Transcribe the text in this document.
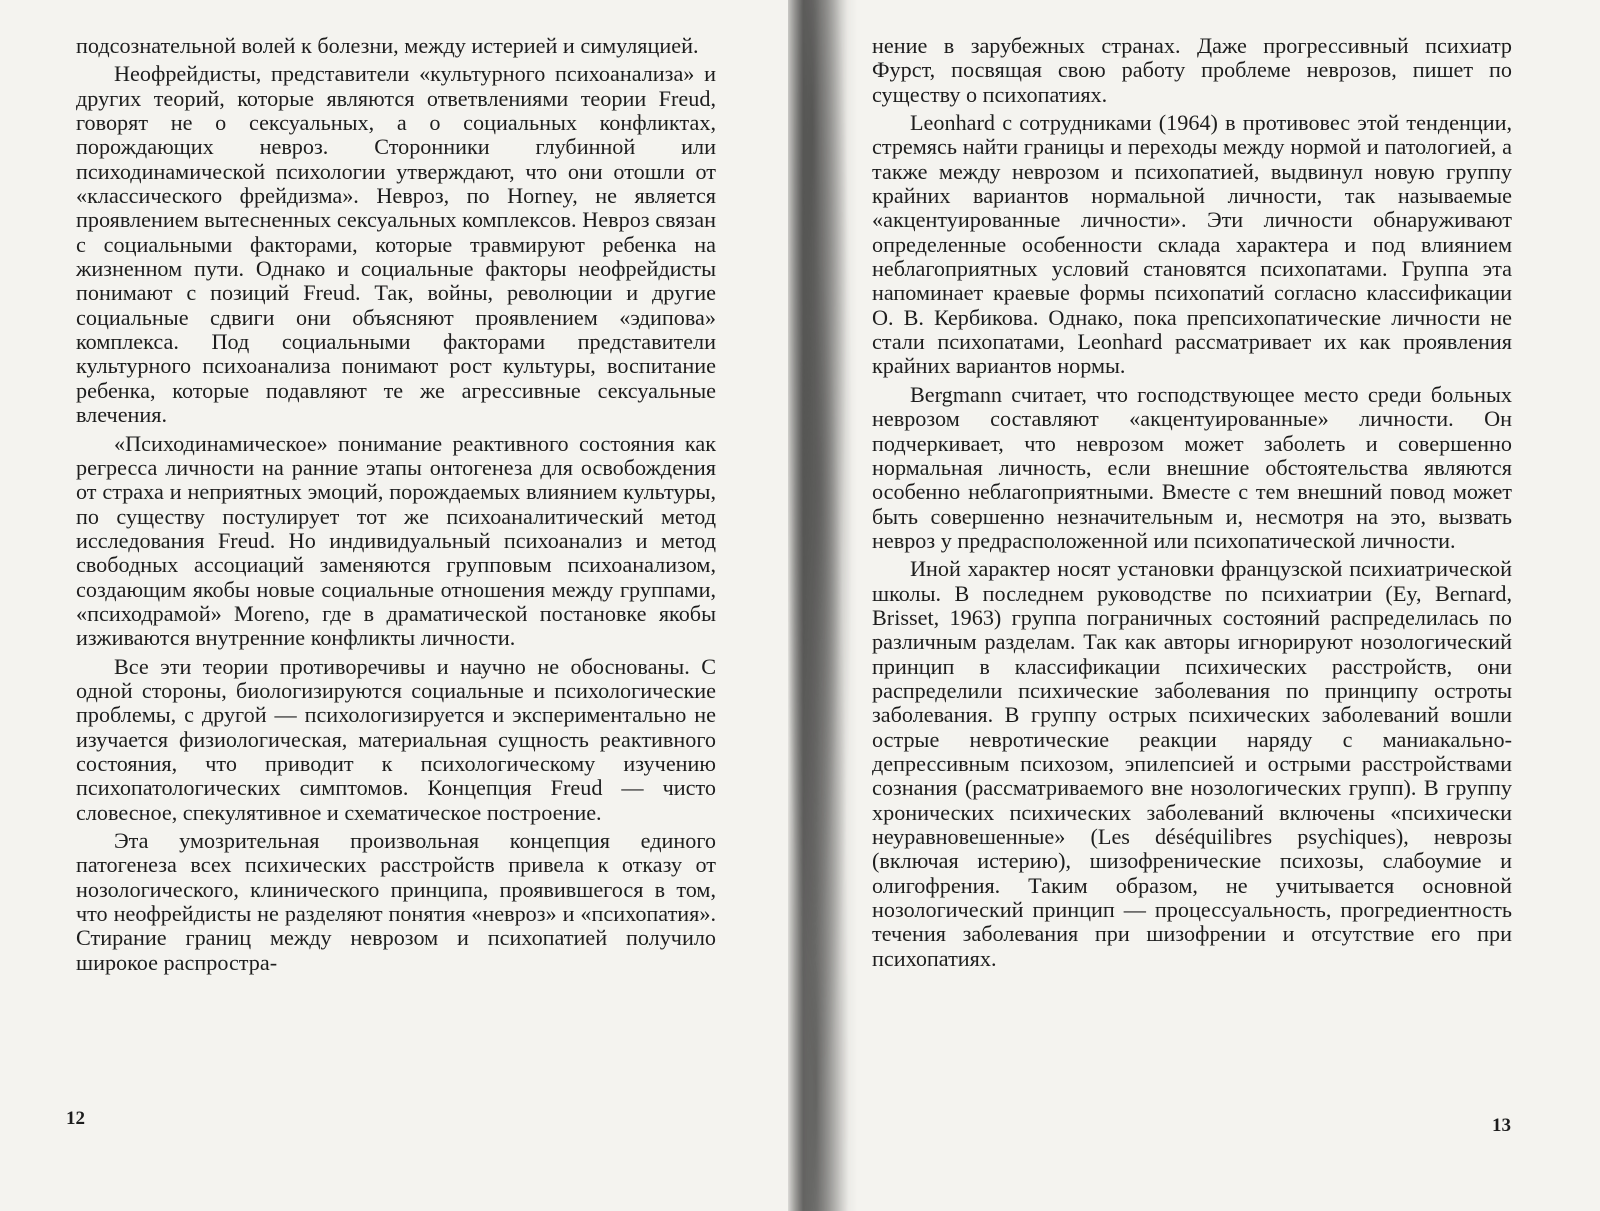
подсознательной волей к болезни, между истерией и симуляцией.

Неофрейдисты, представители «культурного психоанализа» и других теорий, которые являются ответвлениями теории Freud, говорят не о сексуальных, а о социальных конфликтах, порождающих невроз. Сторонники глубинной или психодинамической психологии утверждают, что они отошли от «классического фрейдизма». Невроз, по Horney, не является проявлением вытесненных сексуальных комплексов. Невроз связан с социальными факторами, которые травмируют ребенка на жизненном пути. Однако и социальные факторы неофрейдисты понимают с позиций Freud. Так, войны, революции и другие социальные сдвиги они объясняют проявлением «эдипова» комплекса. Под социальными факторами представители культурного психоанализа понимают рост культуры, воспитание ребенка, которые подавляют те же агрессивные сексуальные влечения.

«Психодинамическое» понимание реактивного состояния как регресса личности на ранние этапы онтогенеза для освобождения от страха и неприятных эмоций, порождаемых влиянием культуры, по существу постулирует тот же психоаналитический метод исследования Freud. Но индивидуальный психоанализ и метод свободных ассоциаций заменяются групповым психоанализом, создающим якобы новые социальные отношения между группами, «психодрамой» Moreno, где в драматической постановке якобы изживаются внутренние конфликты личности.

Все эти теории противоречивы и научно не обоснованы. С одной стороны, биологизируются социальные и психологические проблемы, с другой — психологизируется и экспериментально не изучается физиологическая, материальная сущность реактивного состояния, что приводит к психологическому изучению психопатологических симптомов. Концепция Freud — чисто словесное, спекулятивное и схематическое построение.

Эта умозрительная произвольная концепция единого патогенеза всех психических расстройств привела к отказу от нозологического, клинического принципа, проявившегося в том, что неофрейдисты не разделяют понятия «невроз» и «психопатия». Стирание границ между неврозом и психопатией получило широкое распростра-

12

нение в зарубежных странах. Даже прогрессивный психиатр Фурст, посвящая свою работу проблеме неврозов, пишет по существу о психопатиях.

Leonhard с сотрудниками (1964) в противовес этой тенденции, стремясь найти границы и переходы между нормой и патологией, а также между неврозом и психопатией, выдвинул новую группу крайних вариантов нормальной личности, так называемые «акцентуированные личности». Эти личности обнаруживают определенные особенности склада характера и под влиянием неблагоприятных условий становятся психопатами. Группа эта напоминает краевые формы психопатий согласно классификации О. В. Кербикова. Однако, пока препсихопатические личности не стали психопатами, Leonhard рассматривает их как проявления крайних вариантов нормы.

Bergmann считает, что господствующее место среди больных неврозом составляют «акцентуированные» личности. Он подчеркивает, что неврозом может заболеть и совершенно нормальная личность, если внешние обстоятельства являются особенно неблагоприятными. Вместе с тем внешний повод может быть совершенно незначительным и, несмотря на это, вызвать невроз у предрасположенной или психопатической личности.

Иной характер носят установки французской психиатрической школы. В последнем руководстве по психиатрии (Ey, Bernard, Brisset, 1963) группа пограничных состояний распределилась по различным разделам. Так как авторы игнорируют нозологический принцип в классификации психических расстройств, они распределили психические заболевания по принципу остроты заболевания. В группу острых психических заболеваний вошли острые невротические реакции наряду с маниакально-депрессивным психозом, эпилепсией и острыми расстройствами сознания (рассматриваемого вне нозологических групп). В группу хронических психических заболеваний включены «психически неуравновешенные» (Les déséquilibres psychiques), неврозы (включая истерию), шизофренические психозы, слабоумие и олигофрения. Таким образом, не учитывается основной нозологический принцип — процессуальность, прогредиентность течения заболевания при шизофрении и отсутствие его при психопатиях.

13
